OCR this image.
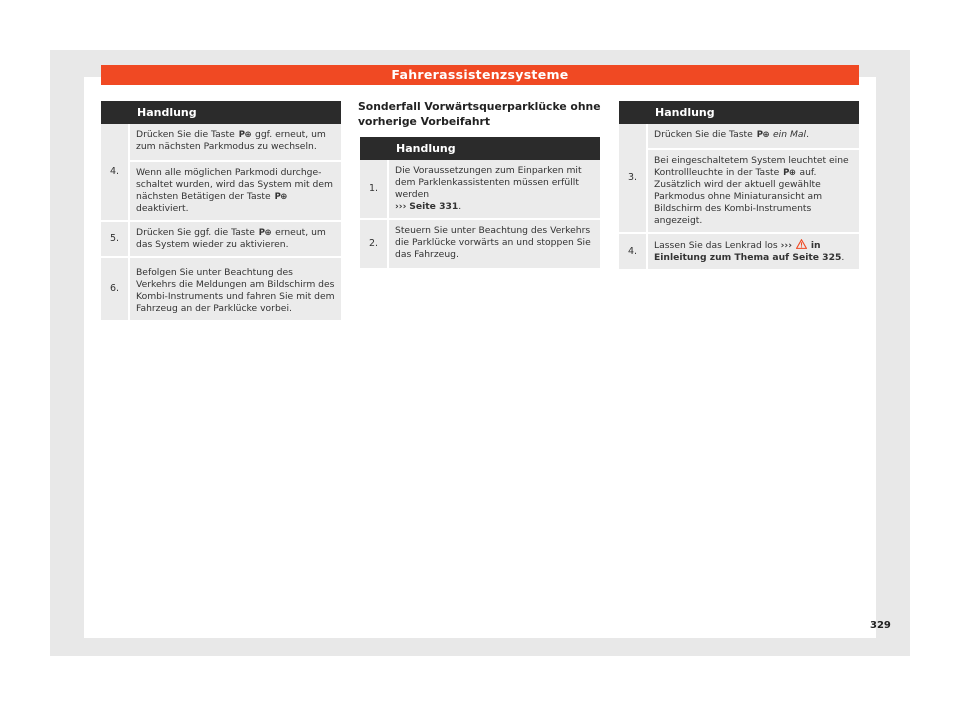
Fahrerassistenzsysteme
	Handlung
4.	Drücken Sie die Taste P⊕ ggf. erneut, um zum nächsten Parkmodus zu wechseln.
	Wenn alle möglichen Parkmodi durchgeschaltet wurden, wird das System mit dem nächsten Betätigen der Taste P⊕ deaktiviert.
5.	Drücken Sie ggf. die Taste P⊕ erneut, um das System wieder zu aktivieren.
6.	Befolgen Sie unter Beachtung des Verkehrs die Meldungen am Bildschirm des Kombi-Instruments und fahren Sie mit dem Fahrzeug an der Parklücke vorbei.
Sonderfall Vorwärtsquerparklücke ohne vorherige Vorbeifahrt
	Handlung
1.	Die Voraussetzungen zum Einparken mit dem Parklenkassistenten müssen erfüllt werden
››› Seite 331.
2.	Steuern Sie unter Beachtung des Verkehrs die Parklücke vorwärts an und stoppen Sie das Fahrzeug.
	Handlung
3.	Drücken Sie die Taste P⊕ ein Mal.
	Bei eingeschaltetem System leuchtet eine Kontrollleuchte in der Taste P⊕ auf. Zusätzlich wird der aktuell gewählte Parkmodus ohne Miniaturansicht am Bildschirm des Kombi-Instruments angezeigt.
4.	Lassen Sie das Lenkrad los ››› in Einleitung zum Thema auf Seite 325.
329
